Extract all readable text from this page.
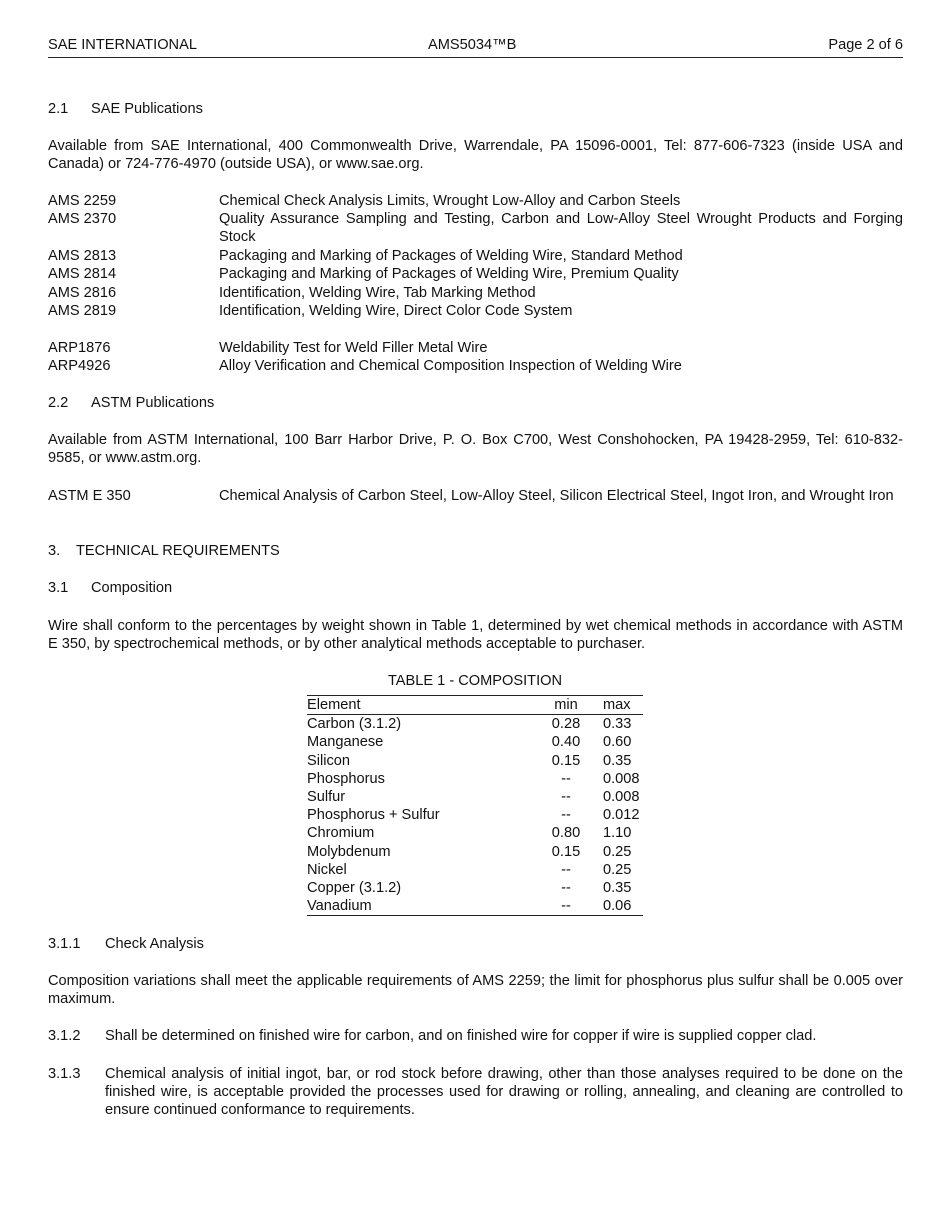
SAE INTERNATIONAL	AMS5034™B	Page 2 of 6
2.1 SAE Publications
Available from SAE International, 400 Commonwealth Drive, Warrendale, PA 15096-0001, Tel: 877-606-7323 (inside USA and Canada) or 724-776-4970 (outside USA), or www.sae.org.
AMS 2259	Chemical Check Analysis Limits, Wrought Low-Alloy and Carbon Steels
AMS 2370	Quality Assurance Sampling and Testing, Carbon and Low-Alloy Steel Wrought Products and Forging Stock
AMS 2813	Packaging and Marking of Packages of Welding Wire, Standard Method
AMS 2814	Packaging and Marking of Packages of Welding Wire, Premium Quality
AMS 2816	Identification, Welding Wire, Tab Marking Method
AMS 2819	Identification, Welding Wire, Direct Color Code System
ARP1876	Weldability Test for Weld Filler Metal Wire
ARP4926	Alloy Verification and Chemical Composition Inspection of Welding Wire
2.2 ASTM Publications
Available from ASTM International, 100 Barr Harbor Drive, P. O. Box C700, West Conshohocken, PA 19428-2959, Tel: 610-832-9585, or www.astm.org.
ASTM E 350	Chemical Analysis of Carbon Steel, Low-Alloy Steel, Silicon Electrical Steel, Ingot Iron, and Wrought Iron
3. TECHNICAL REQUIREMENTS
3.1 Composition
Wire shall conform to the percentages by weight shown in Table 1, determined by wet chemical methods in accordance with ASTM E 350, by spectrochemical methods, or by other analytical methods acceptable to purchaser.
TABLE 1 - COMPOSITION
Element	min	max
Carbon (3.1.2)	0.28	0.33
Manganese	0.40	0.60
Silicon	0.15	0.35
Phosphorus	--	0.008
Sulfur	--	0.008
Phosphorus + Sulfur	--	0.012
Chromium	0.80	1.10
Molybdenum	0.15	0.25
Nickel	--	0.25
Copper (3.1.2)	--	0.35
Vanadium	--	0.06
3.1.1 Check Analysis
Composition variations shall meet the applicable requirements of AMS 2259; the limit for phosphorus plus sulfur shall be 0.005 over maximum.
3.1.2 Shall be determined on finished wire for carbon, and on finished wire for copper if wire is supplied copper clad.
3.1.3 Chemical analysis of initial ingot, bar, or rod stock before drawing, other than those analyses required to be done on the finished wire, is acceptable provided the processes used for drawing or rolling, annealing, and cleaning are controlled to ensure continued conformance to requirements.
